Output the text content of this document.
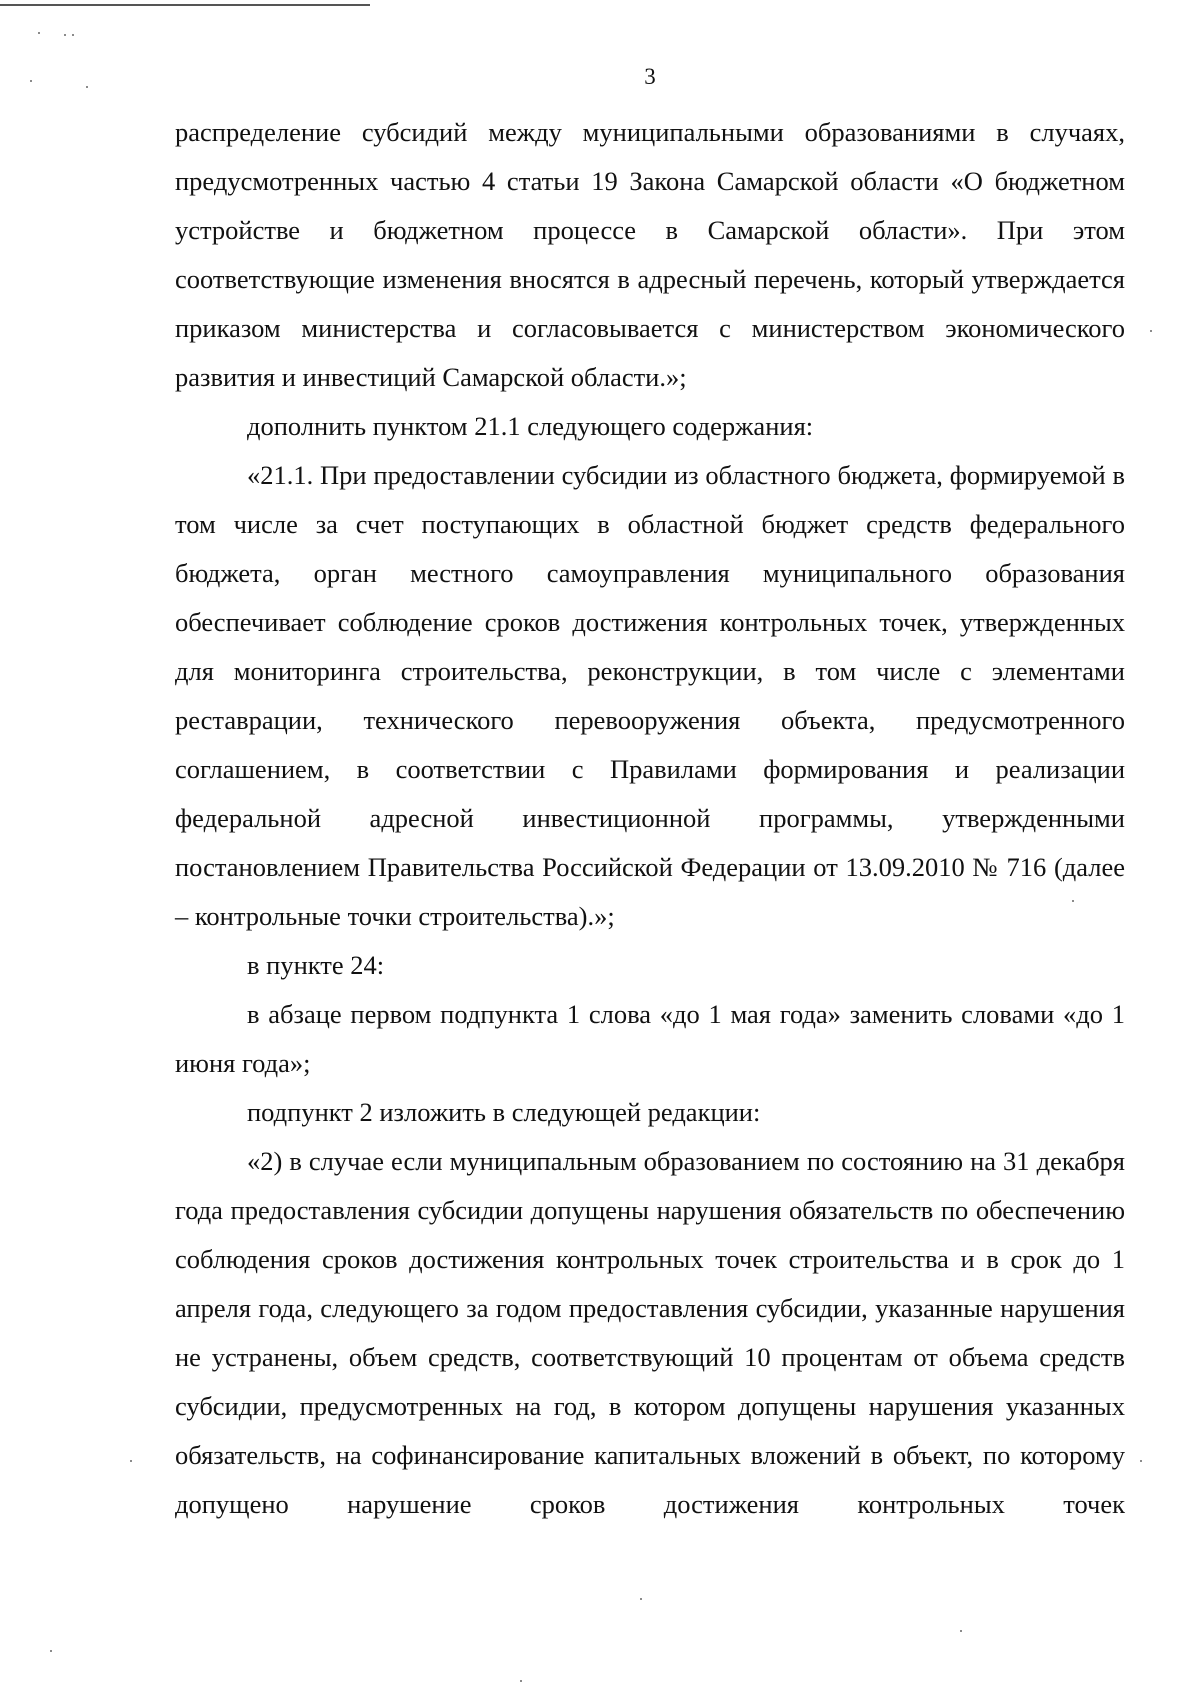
3

распределение субсидий между муниципальными образованиями в случаях, предусмотренных частью 4 статьи 19 Закона Самарской области «О бюджетном устройстве и бюджетном процессе в Самарской области». При этом соответствующие изменения вносятся в адресный перечень, который утверждается приказом министерства и согласовывается с министерством экономического развития и инвестиций Самарской области.»;

дополнить пунктом 21.1 следующего содержания:

«21.1. При предоставлении субсидии из областного бюджета, формируемой в том числе за счет поступающих в областной бюджет средств федерального бюджета, орган местного самоуправления муниципального образования обеспечивает соблюдение сроков достижения контрольных точек, утвержденных для мониторинга строительства, реконструкции, в том числе с элементами реставрации, технического перевооружения объекта, предусмотренного соглашением, в соответствии с Правилами формирования и реализации федеральной адресной инвестиционной программы, утвержденными постановлением Правительства Российской Федерации от 13.09.2010 № 716 (далее – контрольные точки строительства).»;

в пункте 24:

в абзаце первом подпункта 1 слова «до 1 мая года» заменить словами «до 1 июня года»;

подпункт 2 изложить в следующей редакции:

«2) в случае если муниципальным образованием по состоянию на 31 декабря года предоставления субсидии допущены нарушения обязательств по обеспечению соблюдения сроков достижения контрольных точек строительства и в срок до 1 апреля года, следующего за годом предоставления субсидии, указанные нарушения не устранены, объем средств, соответствующий 10 процентам от объема средств субсидии, предусмотренных на год, в котором допущены нарушения указанных обязательств, на софинансирование капитальных вложений в объект, по которому допущено нарушение сроков достижения контрольных точек
